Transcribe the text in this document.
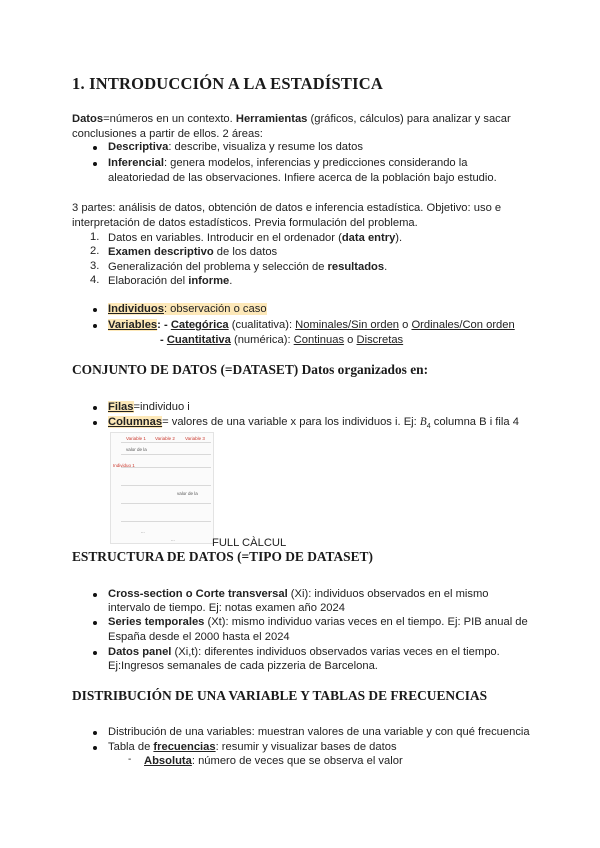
1. INTRODUCCIÓN A LA ESTADÍSTICA
Datos=números en un contexto. Herramientas (gráficos, cálculos) para analizar y sacar
conclusiones a partir de ellos. 2 áreas:
Descriptiva: describe, visualiza y resume los datos
Inferencial: genera modelos, inferencias y predicciones considerando la
aleatoriedad de las observaciones. Infiere acerca de la población bajo estudio.
3 partes: análisis de datos, obtención de datos e inferencia estadística. Objetivo: uso e
interpretación de datos estadísticos. Previa formulación del problema.
1. Datos en variables. Introducir en el ordenador (data entry).
2. Examen descriptivo de los datos
3. Generalización del problema y selección de resultados.
4. Elaboración del informe.
Individuos: observación o caso
Variables: - Categórica (cualitativa): Nominales/Sin orden o Ordinales/Con orden
- Cuantitativa (numérica): Continuas o Discretas
CONJUNTO DE DATOS (=DATASET) Datos organizados en:
Filas=individuo i
Columnas= valores de una variable x para los individuos i. Ej: $B_4$ columna B i fila 4
Variable 1 Variable 2 Variable 3
valor de la
Individuo 1
valor de la
...
...	FULL CÀLCUL
ESTRUCTURA DE DATOS (=TIPO DE DATASET)
Cross-section o Corte transversal (Xi): individuos observados en el mismo
intervalo de tiempo. Ej: notas examen año 2024
Series temporales (Xt): mismo individuo varias veces en el tiempo. Ej: PIB anual de
España desde el 2000 hasta el 2024
Datos panel (Xi,t): diferentes individuos observados varias veces en el tiempo.
Ej:Ingresos semanales de cada pizzeria de Barcelona.
DISTRIBUCIÓN DE UNA VARIABLE Y TABLAS DE FRECUENCIAS
Distribución de una variables: muestran valores de una variable y con qué frecuencia
Tabla de frecuencias: resumir y visualizar bases de datos
- Absoluta: número de veces que se observa el valor
